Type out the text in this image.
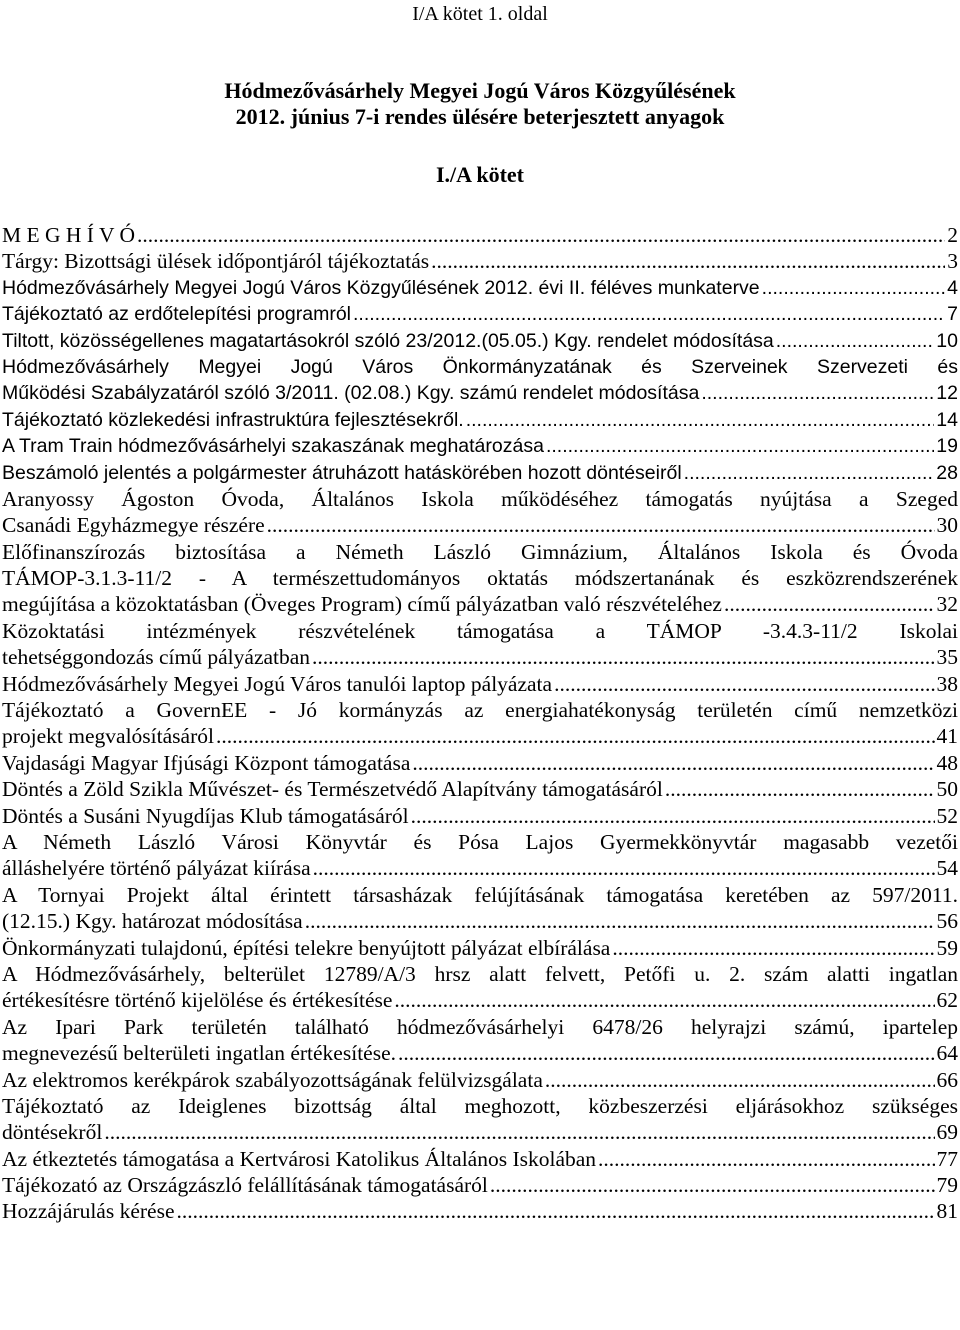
I/A kötet 1. oldal
Hódmezővásárhely Megyei Jogú Város Közgyűlésének
2012. június 7-i rendes ülésére beterjesztett anyagok
I./A kötet
M E G H Í V Ó .....	2
Tárgy: Bizottsági ülések időpontjáról tájékoztatás .....	3
Hódmezővásárhely Megyei Jogú Város Közgyűlésének 2012. évi II. féléves munkaterve .....	4
Tájékoztató az erdőtelepítési programról .....	7
Tiltott, közösségellenes magatartásokról szóló 23/2012.(05.05.) Kgy. rendelet módosítása .....	10
Hódmezővásárhely Megyei Jogú Város Önkormányzatának és Szerveinek Szervezeti és
Működési Szabályzatáról szóló 3/2011. (02.08.) Kgy. számú rendelet módosítása .....	12
Tájékoztató közlekedési infrastruktúra fejlesztésekről. .....	14
A Tram Train hódmezővásárhelyi szakaszának meghatározása .....	19
Beszámoló jelentés a polgármester átruházott hatáskörében hozott döntéseiről .....	28
Aranyossy Ágoston Óvoda, Általános Iskola működéséhez támogatás nyújtása a Szeged
Csanádi Egyházmegye részére .....	30
Előfinanszírozás biztosítása a Németh László Gimnázium, Általános Iskola és Óvoda
TÁMOP-3.1.3-11/2 - A természettudományos oktatás módszertanának és eszközrendszerének
megújítása a közoktatásban (Öveges Program) című pályázatban való részvételéhez .....	32
Közoktatási intézmények részvételének támogatása a TÁMOP -3.4.3-11/2 Iskolai
tehetséggondozás című pályázatban .....	35
Hódmezővásárhely Megyei Jogú Város tanulói laptop pályázata .....	38
Tájékoztató a GovernEE - Jó kormányzás az energiahatékonyság területén című nemzetközi
projekt megvalósításáról .....	41
Vajdasági Magyar Ifjúsági Központ támogatása .....	48
Döntés a Zöld Szikla Művészet- és Természetvédő Alapítvány támogatásáról .....	50
Döntés a Susáni Nyugdíjas Klub támogatásáról .....	52
A Németh László Városi Könyvtár és Pósa Lajos Gyermekkönyvtár magasabb vezetői
álláshelyére történő pályázat kiírása .....	54
A Tornyai Projekt által érintett társasházak felújításának támogatása keretében az 597/2011.
(12.15.) Kgy. határozat módosítása .....	56
Önkormányzati tulajdonú, építési telekre benyújtott pályázat elbírálása .....	59
A Hódmezővásárhely, belterület 12789/A/3 hrsz alatt felvett, Petőfi u. 2. szám alatti ingatlan
értékesítésre történő kijelölése és értékesítése .....	62
Az Ipari Park területén található hódmezővásárhelyi 6478/26 helyrajzi számú, ipartelep
megnevezésű belterületi ingatlan értékesítése. .....	64
Az elektromos kerékpárok szabályozottságának felülvizsgálata .....	66
Tájékoztató az Ideiglenes bizottság által meghozott, közbeszerzési eljárásokhoz szükséges
döntésekről .....	69
Az étkeztetés támogatása a Kertvárosi Katolikus Általános Iskolában .....	77
Tájékozató az Országzászló felállításának támogatásáról .....	79
Hozzájárulás kérése .....	81
